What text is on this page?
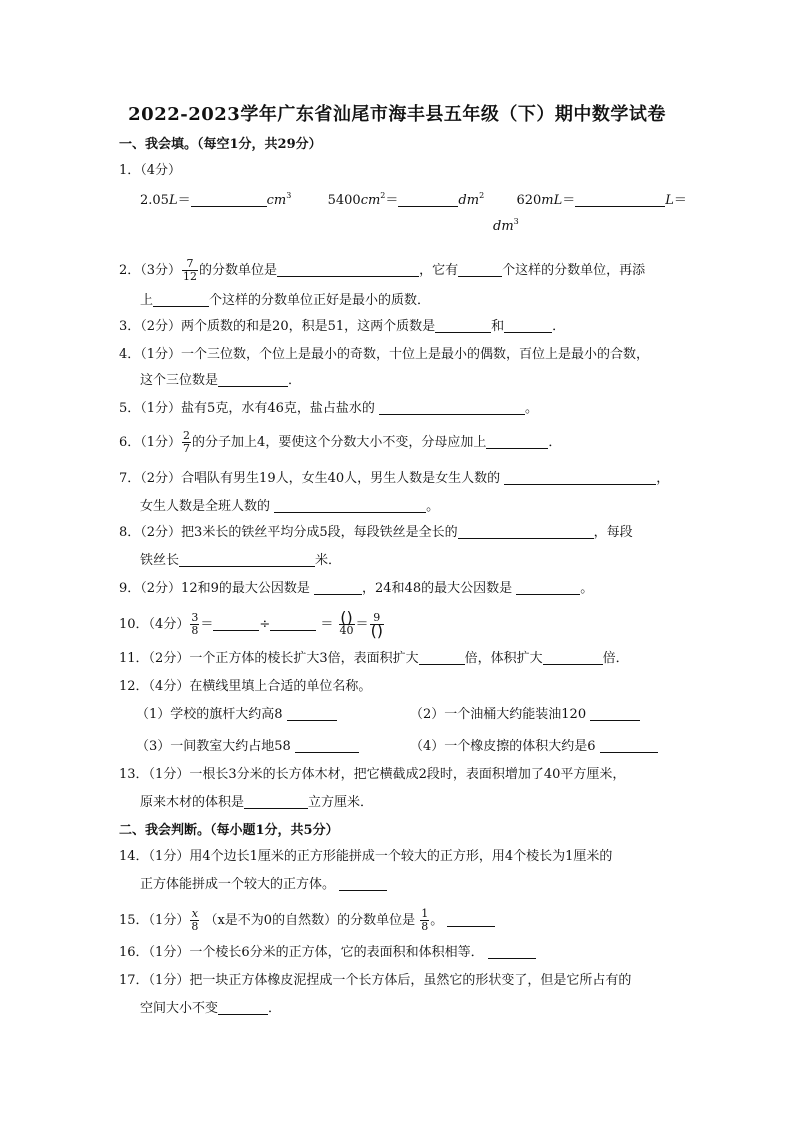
2022-2023学年广东省汕尾市海丰县五年级（下）期中数学试卷
一、我会填。（每空1分，共29分）
1．（4分）
2.05L＝	$cm^3$	$5400cm^2=$	$dm^2$ 620mL＝	L＝
$dm^3$
2．（3分） $\frac{7}{12}$ 的分数单位是	，它有	个这样的分数单位，再添
上	个这样的分数单位正好是最小的质数．
3．（2分）两个质数的和是20，积是51，这两个质数是	和	．
4．（1分）一个三位数，个位上是最小的奇数，十位上是最小的偶数，百位上是最小的合数，
这个三位数是	．
5．（1分）盐有5克，水有46克，盐占盐水的	。
6．（1分） $\frac{2}{7}$ 的分子加上4，要使这个分数大小不变，分母应加上	．
7．（2分）合唱队有男生19人，女生40人，男生人数是女生人数的	，
女生人数是全班人数的	。
8．（2分）把3米长的铁丝平均分成5段，每段铁丝是全长的	，每段
铁丝长	米．
9．（2分）12和9的最大公因数是	，24和48的最大公因数是	。
10．（4分） $\frac{3}{8}$ ＝	÷	＝ $\frac{()}{40} = \frac{9}{()}$
11．（2分）一个正方体的棱长扩大3倍，表面积扩大	倍，体积扩大	倍．
12．（4分）在横线里填上合适的单位名称。
（1）学校的旗杆大约高8	（2）一个油桶大约能装油120
（3）一间教室大约占地58	（4）一个橡皮擦的体积大约是6
13．（1分）一根长3分米的长方体木材，把它横截成2段时，表面积增加了40平方厘米，
原来木材的体积是	立方厘米．
二、我会判断。（每小题1分，共5分）
14．（1分）用4个边长1厘米的正方形能拼成一个较大的正方形，用4个棱长为1厘米的
正方体能拼成一个较大的正方体。
15．（1分） $\frac{x}{8} (x$是不为0的自然数）的分数单位是 $\frac{1}{8}$ 。
16．（1分）一个棱长6分米的正方体，它的表面积和体积相等．
17．（1分）把一块正方体橡皮泥捏成一个长方体后，虽然它的形状变了，但是它所占有的
空间大小不变	．
